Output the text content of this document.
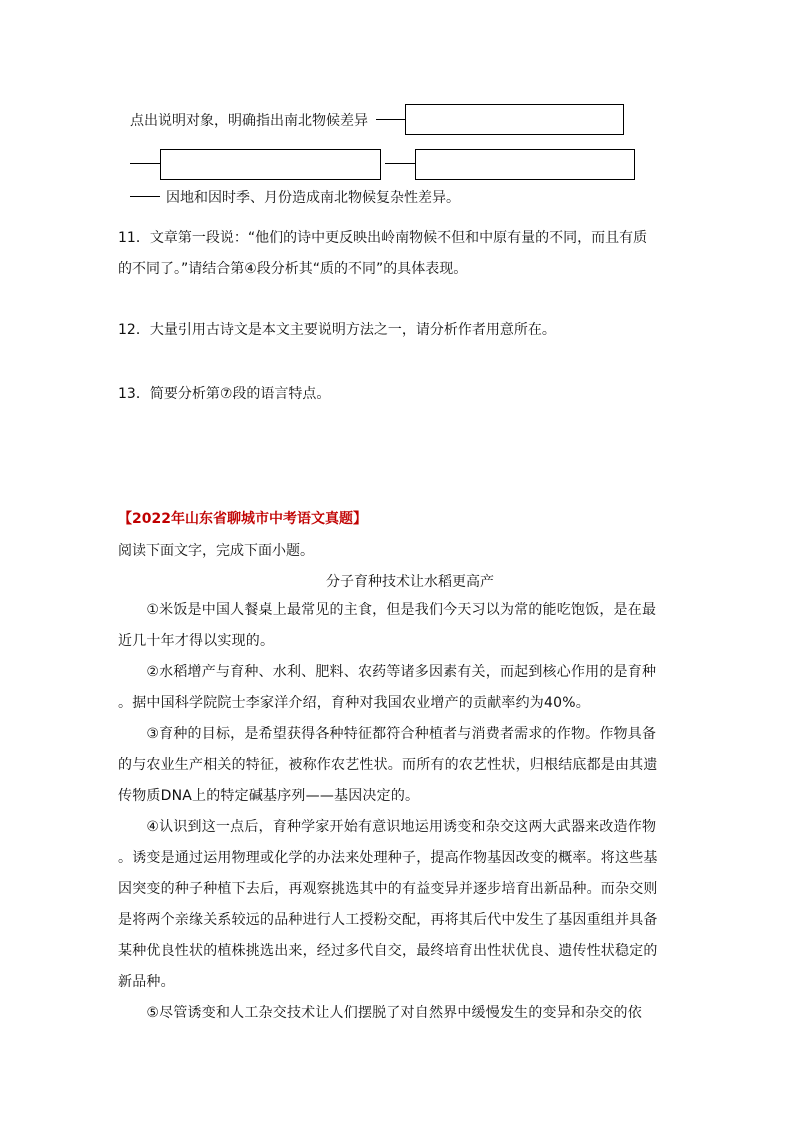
点出说明对象，明确指出南北物候差异
因地和因时季、月份造成南北物候复杂性差异。
11．文章第一段说：“他们的诗中更反映出岭南物候不但和中原有量的不同，而且有质
的不同了。”请结合第④段分析其“质的不同”的具体表现。
12．大量引用古诗文是本文主要说明方法之一，请分析作者用意所在。
13．简要分析第⑦段的语言特点。
【2022年山东省聊城市中考语文真题】
阅读下面文字，完成下面小题。
分子育种技术让水稻更高产
　　①米饭是中国人餐桌上最常见的主食，但是我们今天习以为常的能吃饱饭，是在最
近几十年才得以实现的。
　　②水稻增产与育种、水利、肥料、农药等诸多因素有关，而起到核心作用的是育种
。据中国科学院院士李家洋介绍，育种对我国农业增产的贡献率约为40%。
　　③育种的目标，是希望获得各种特征都符合种植者与消费者需求的作物。作物具备
的与农业生产相关的特征，被称作农艺性状。而所有的农艺性状，归根结底都是由其遗
传物质DNA上的特定碱基序列——基因决定的。
　　④认识到这一点后，育种学家开始有意识地运用诱变和杂交这两大武器来改造作物
。诱变是通过运用物理或化学的办法来处理种子，提高作物基因改变的概率。将这些基
因突变的种子种植下去后，再观察挑选其中的有益变异并逐步培育出新品种。而杂交则
是将两个亲缘关系较远的品种进行人工授粉交配，再将其后代中发生了基因重组并具备
某种优良性状的植株挑选出来，经过多代自交，最终培育出性状优良、遗传性状稳定的
新品种。
　　⑤尽管诱变和人工杂交技术让人们摆脱了对自然界中缓慢发生的变异和杂交的依
